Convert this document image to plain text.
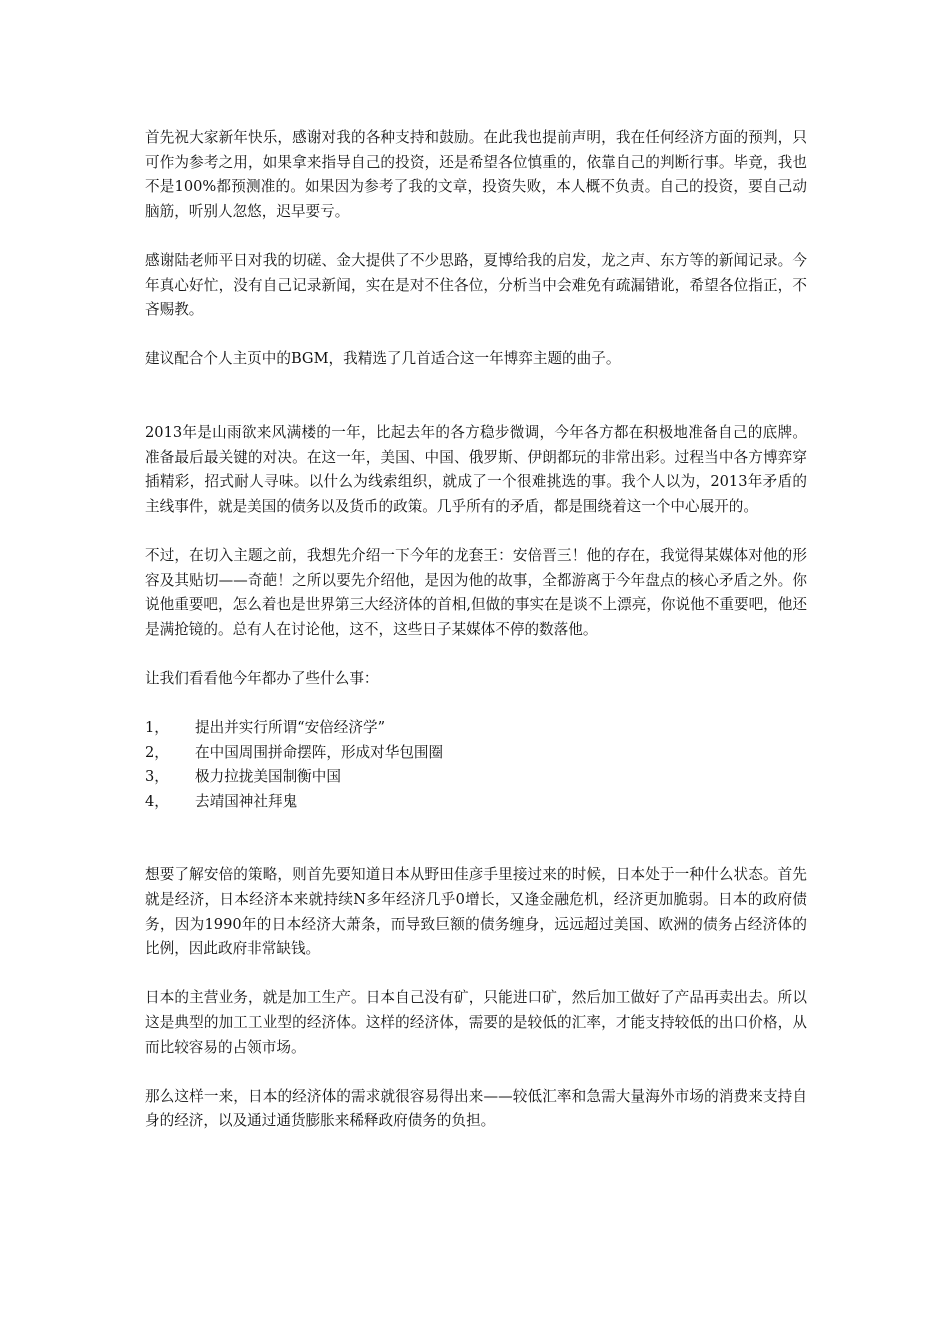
首先祝大家新年快乐，感谢对我的各种支持和鼓励。在此我也提前声明，我在任何经济方面的预判，只可作为参考之用，如果拿来指导自己的投资，还是希望各位慎重的，依靠自己的判断行事。毕竟，我也不是100%都预测准的。如果因为参考了我的文章，投资失败，本人概不负责。自己的投资，要自己动脑筋，听别人忽悠，迟早要亏。

感谢陆老师平日对我的切磋、金大提供了不少思路，夏博给我的启发，龙之声、东方等的新闻记录。今年真心好忙，没有自己记录新闻，实在是对不住各位，分析当中会难免有疏漏错讹，希望各位指正，不吝赐教。

建议配合个人主页中的BGM，我精选了几首适合这一年博弈主题的曲子。

2013年是山雨欲来风满楼的一年，比起去年的各方稳步微调，今年各方都在积极地准备自己的底牌。准备最后最关键的对决。在这一年，美国、中国、俄罗斯、伊朗都玩的非常出彩。过程当中各方博弈穿插精彩，招式耐人寻味。以什么为线索组织，就成了一个很难挑选的事。我个人以为，2013年矛盾的主线事件，就是美国的债务以及货币的政策。几乎所有的矛盾，都是围绕着这一个中心展开的。

不过，在切入主题之前，我想先介绍一下今年的龙套王：安倍晋三！他的存在，我觉得某媒体对他的形容及其贴切——奇葩！之所以要先介绍他，是因为他的故事，全都游离于今年盘点的核心矛盾之外。你说他重要吧，怎么着也是世界第三大经济体的首相,但做的事实在是谈不上漂亮，你说他不重要吧，他还是满抢镜的。总有人在讨论他，这不，这些日子某媒体不停的数落他。

让我们看看他今年都办了些什么事：

1，	提出并实行所谓“安倍经济学”
2，	在中国周围拼命摆阵，形成对华包围圈
3，	极力拉拢美国制衡中国
4，	去靖国神社拜鬼

想要了解安倍的策略，则首先要知道日本从野田佳彦手里接过来的时候，日本处于一种什么状态。首先就是经济，日本经济本来就持续N多年经济几乎0增长，又逢金融危机，经济更加脆弱。日本的政府债务，因为1990年的日本经济大萧条，而导致巨额的债务缠身，远远超过美国、欧洲的债务占经济体的比例，因此政府非常缺钱。

日本的主营业务，就是加工生产。日本自己没有矿，只能进口矿，然后加工做好了产品再卖出去。所以这是典型的加工工业型的经济体。这样的经济体，需要的是较低的汇率，才能支持较低的出口价格，从而比较容易的占领市场。

那么这样一来，日本的经济体的需求就很容易得出来——较低汇率和急需大量海外市场的消费来支持自身的经济，以及通过通货膨胀来稀释政府债务的负担。
